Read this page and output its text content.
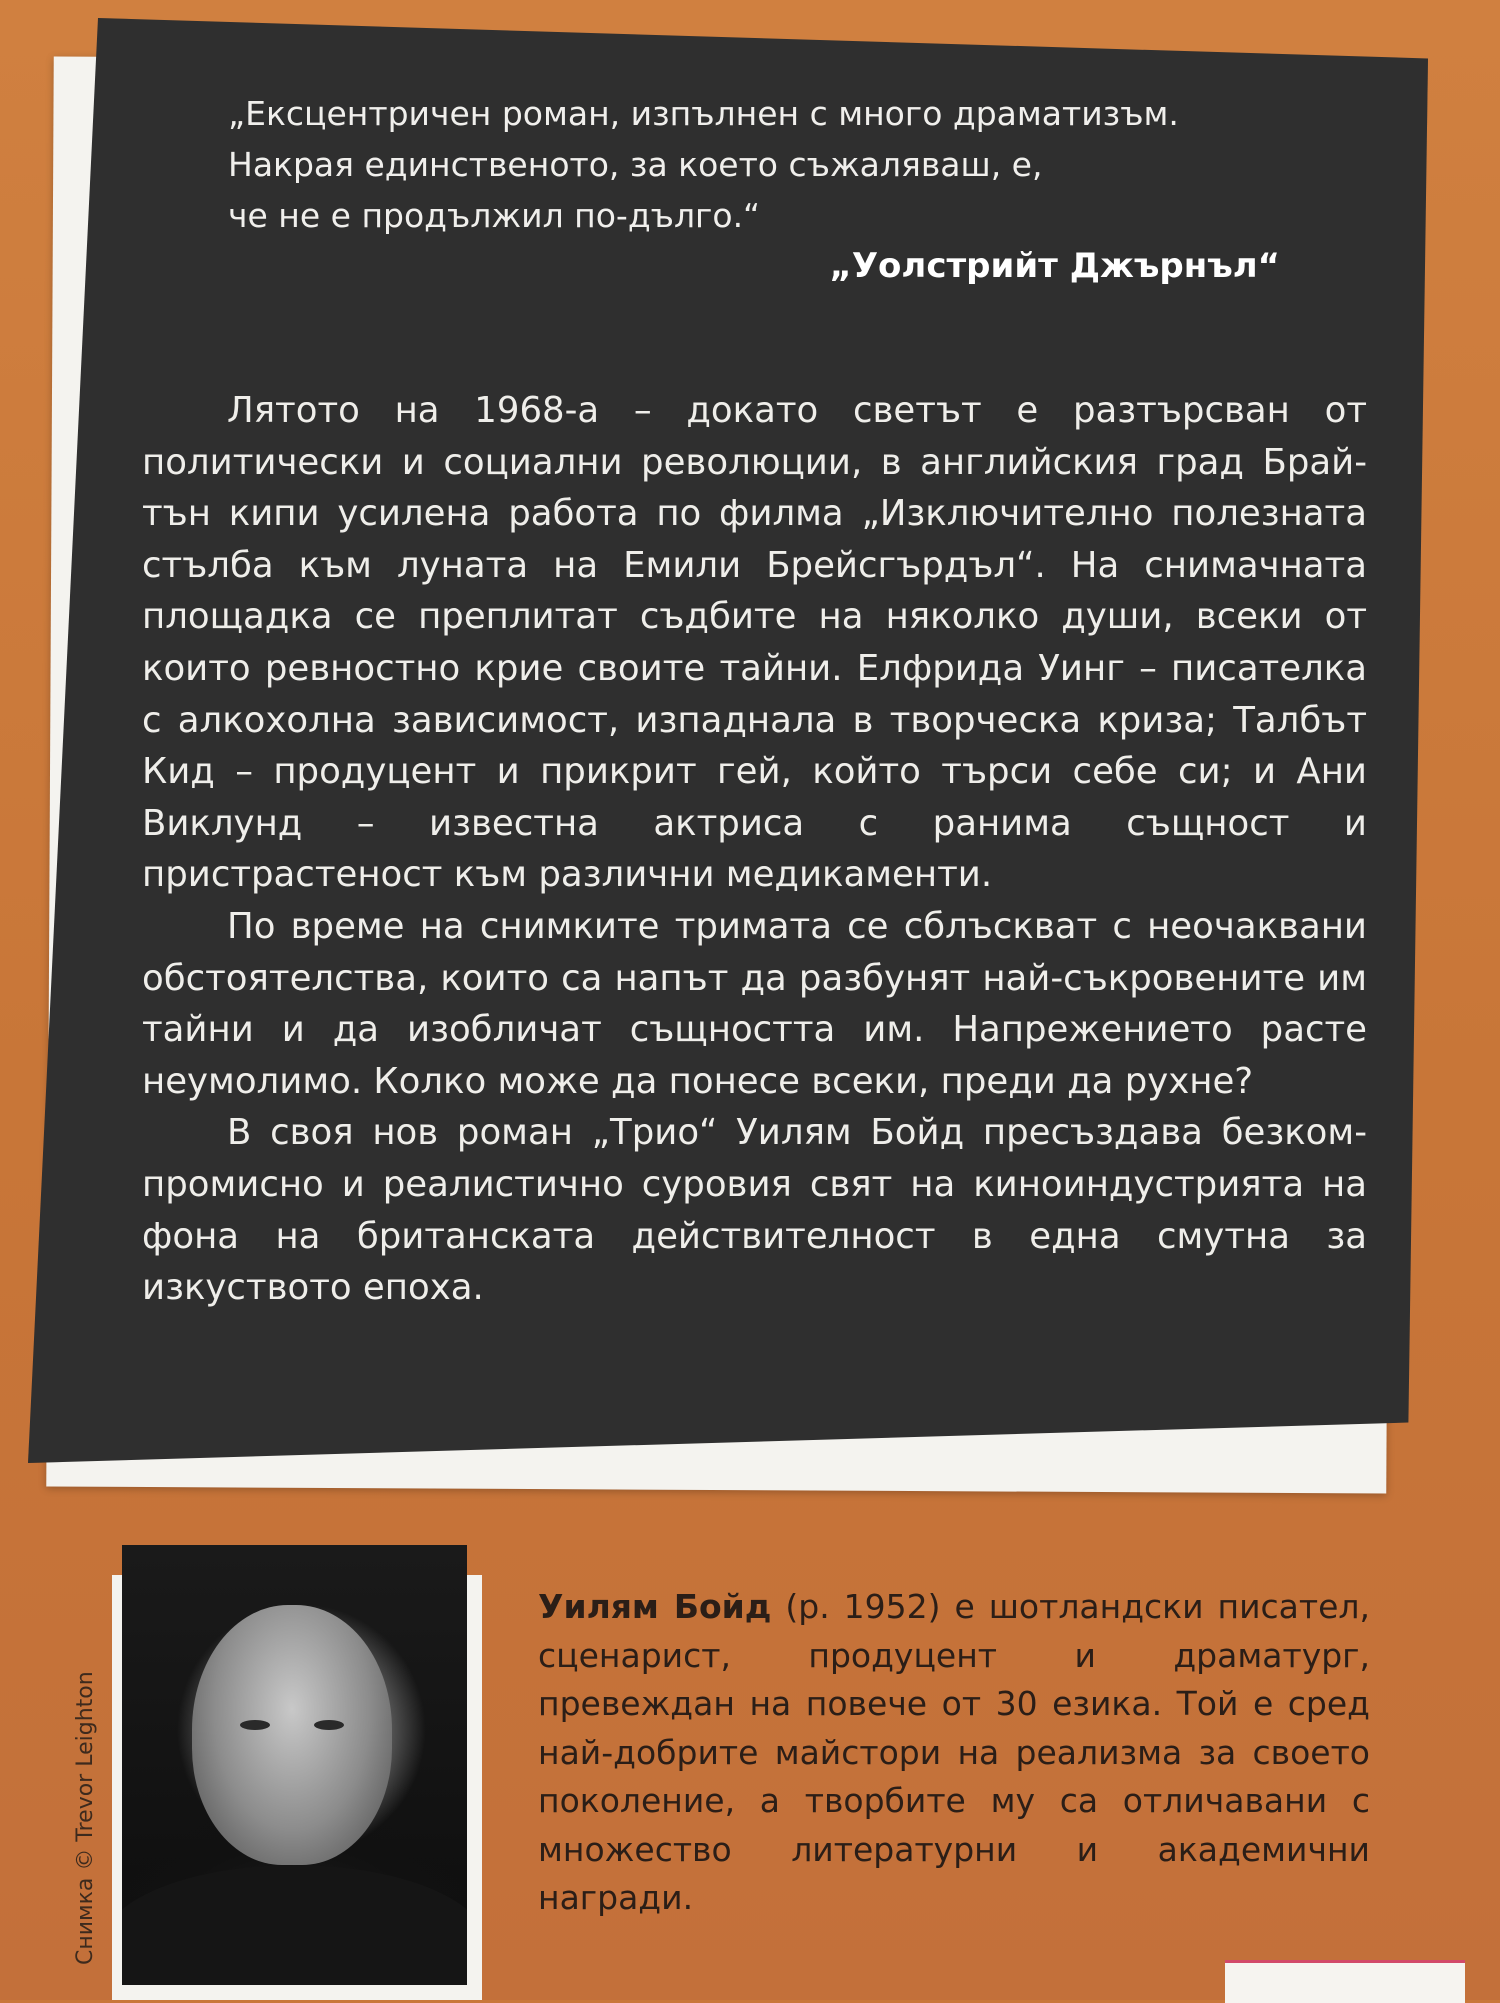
„Ексцентричен роман, изпълнен с много драматизъм.

Накрая единственото, за което съжаляваш, е,

че не е продължил по-дълго.“

„Уолстрийт Джърнъл“

Лятото на 1968-а – докато светът е разтърсван от политически и социални революции, в английския град Брайтън кипи усилена работа по филма „Изключително полезната стълба към луната на Емили Брейсгърдъл“. На снимачната площадка се преплитат съдбите на няколко души, всеки от които ревностно крие своите тайни. Елфрида Уинг – писателка с алкохолна зависимост, изпаднала в творческа криза; Талбът Кид – продуцент и прикрит гей, който търси себе си; и Ани Виклунд – известна актриса с ранима същност и пристрастеност към различни медикаменти.

По време на снимките тримата се сблъскват с неочаквани обстоятелства, които са напът да разбунят най-съкровените им тайни и да изобличат същността им. Напрежението расте неумолимо. Колко може да понесе всеки, преди да рухне?

В своя нов роман „Трио“ Уилям Бойд пресъздава безкомпромисно и реалистично суровия свят на киноиндустрията на фона на британската действителност в една смутна за изкуството епоха.

Снимка © Trevor Leighton
Уилям Бойд (р. 1952) е шотландски писател, сценарист, продуцент и драматург, превеждан на повече от 30 езика. Той е сред най-добрите майстори на реализма за своето поколение, а творбите му са отличавани с множество литературни и академични награди.
